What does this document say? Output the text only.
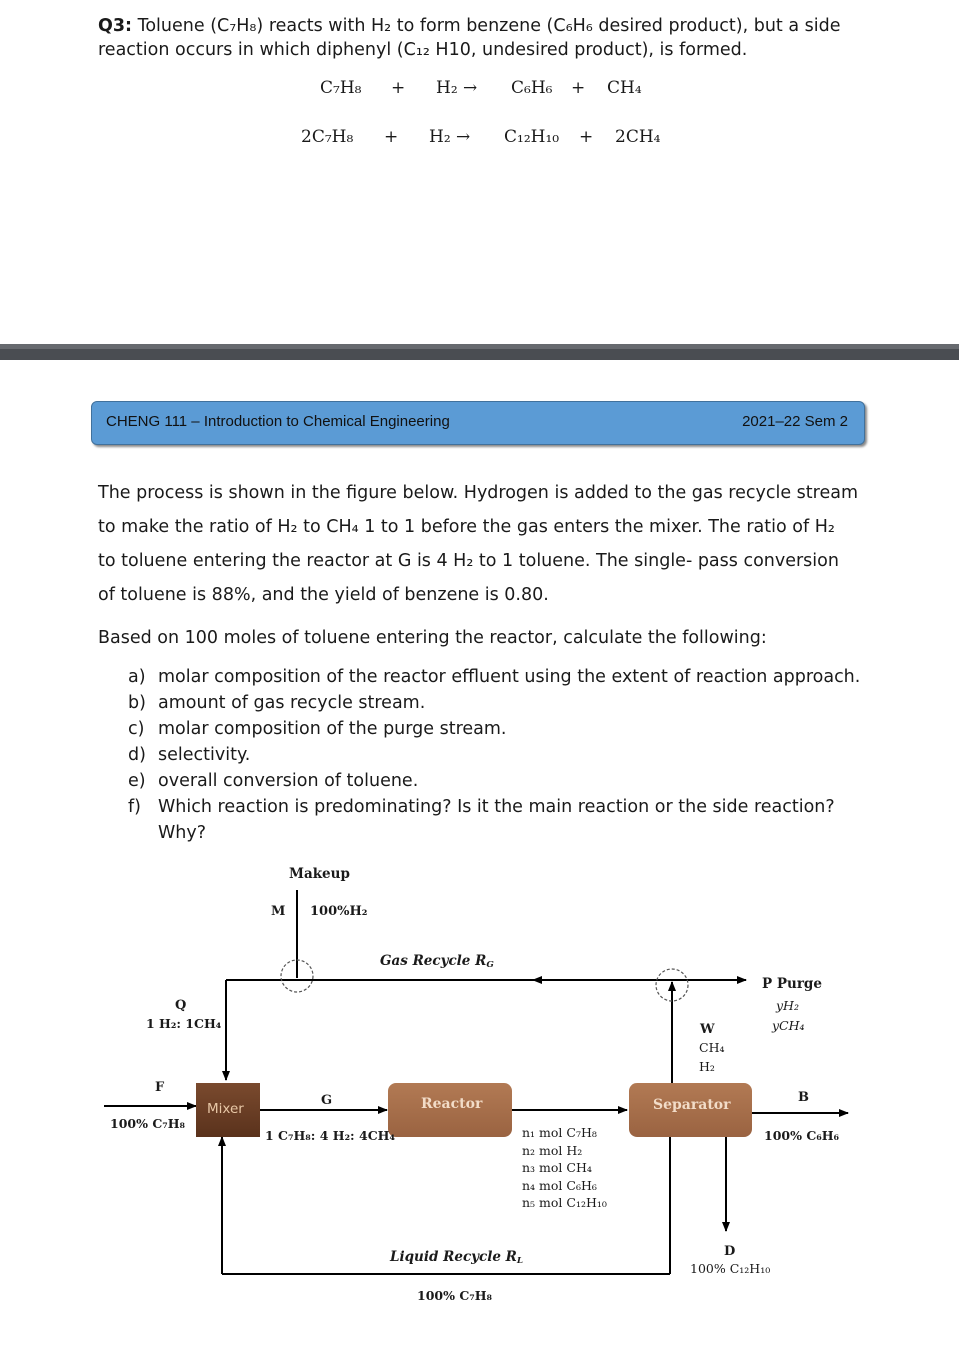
Q3: Toluene (C₇H₈) reacts with H₂ to form benzene (C₆H₆ desired product), but a side
reaction occurs in which diphenyl (C₁₂ H10, undesired product), is formed.
C₇H₈ + H₂ → C₆H₆ + CH₄
2C₇H₈ + H₂ → C₁₂H₁₀ + 2CH₄
CHENG 111 – Introduction to Chemical Engineering	2021–22 Sem 2

The process is shown in the figure below. Hydrogen is added to the gas recycle stream

to make the ratio of H₂ to CH₄ 1 to 1 before the gas enters the mixer. The ratio of H₂

to toluene entering the reactor at G is 4 H₂ to 1 toluene. The single- pass conversion

of toluene is 88%, and the yield of benzene is 0.80.

Based on 100 moles of toluene entering the reactor, calculate the following:
a) molar composition of the reactor effluent using the extent of reaction approach.
b) amount of gas recycle stream.
c) molar composition of the purge stream.
d) selectivity.
e) overall conversion of toluene.
f) Which reaction is predominating? Is it the main reaction or the side reaction? Why?
Makeup
M 100%H₂
Gas Recycle $R_G$
P Purge
yH₂
yCH₄
Q
1 H₂: 1CH₄	W
CH₄
H₂
F
100% C₇H₈
Mixer
G
1 C₇H₈: 4 H₂: 4CH₄
Reactor	Separator	B
100% C₆H₆
n₁ mol C₇H₈
n₂ mol H₂
n₃ mol CH₄
n₄ mol C₆H₆
n₅ mol C₁₂H₁₀
D
100% C₁₂H₁₀
Liquid Recycle $R_L$
100% C₇H₈
